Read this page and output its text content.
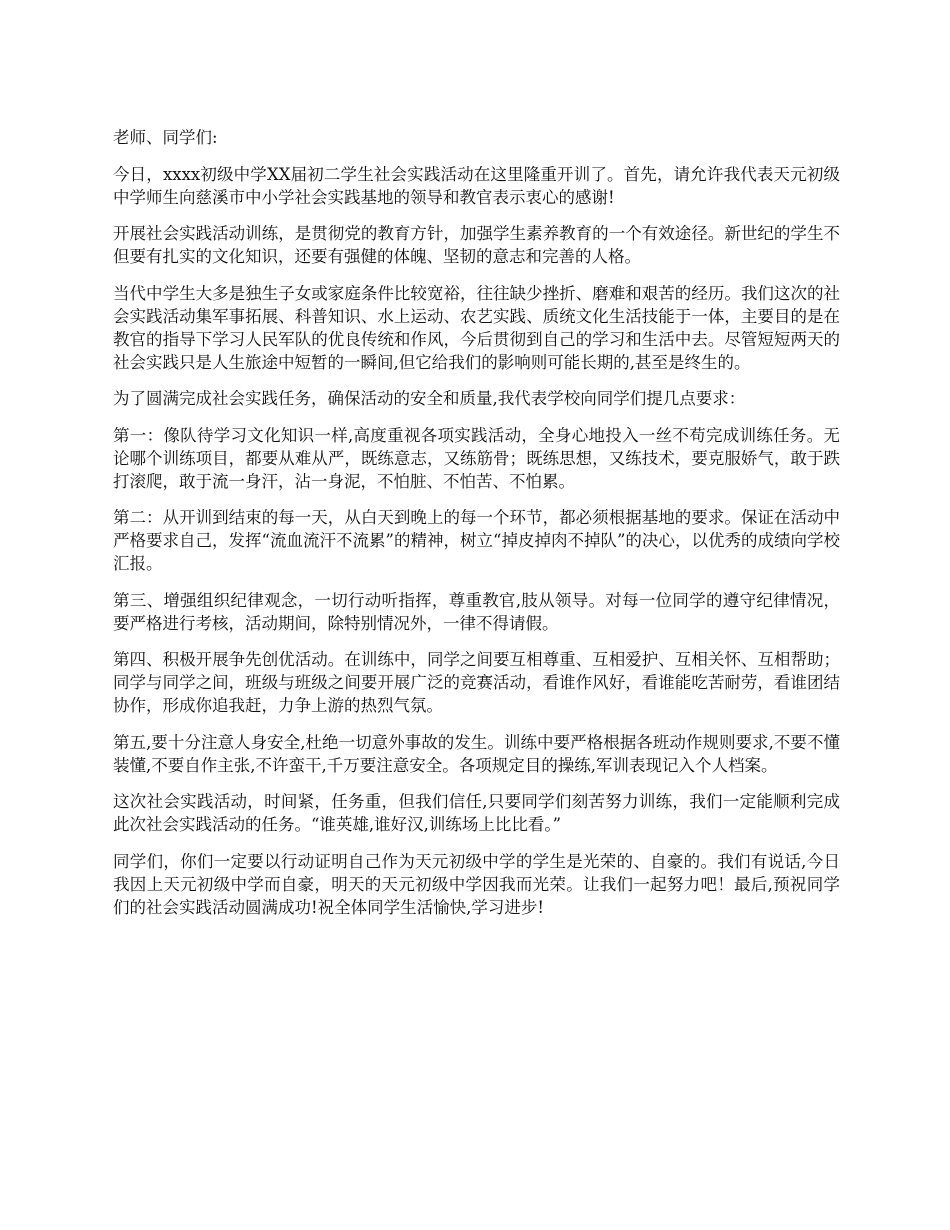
老师、同学们:

今日，xxxx初级中学XX届初二学生社会实践活动在这里隆重开训了。首先，请允许我代表天元初级中学师生向慈溪市中小学社会实践基地的领导和教官表示衷心的感谢!

开展社会实践活动训练，是贯彻党的教育方针，加强学生素养教育的一个有效途径。新世纪的学生不但要有扎实的文化知识，还要有强健的体魄、坚韧的意志和完善的人格。

当代中学生大多是独生子女或家庭条件比较宽裕，往往缺少挫折、磨难和艰苦的经历。我们这次的社会实践活动集军事拓展、科普知识、水上运动、农艺实践、质统文化生活技能于一体，主要目的是在教官的指导下学习人民军队的优良传统和作风，今后贯彻到自己的学习和生活中去。尽管短短两天的社会实践只是人生旅途中短暂的一瞬间,但它给我们的影响则可能长期的,甚至是终生的。

为了圆满完成社会实践任务，确保活动的安全和质量,我代表学校向同学们提几点要求：

第一：像队待学习文化知识一样,高度重视各项实践活动，全身心地投入一丝不苟完成训练任务。无论哪个训练项目，都要从难从严，既练意志，又练筋骨；既练思想，又练技术，要克服娇气，敢于跌打滚爬，敢于流一身汗，沾一身泥，不怕脏、不怕苦、不怕累。

第二：从开训到结束的每一天，从白天到晚上的每一个环节，都必须根据基地的要求。保证在活动中严格要求自己，发挥“流血流汗不流累”的精神，树立“掉皮掉肉不掉队”的决心，以优秀的成绩向学校汇报。

第三、增强组织纪律观念，一切行动听指挥，尊重教官,肢从领导。对每一位同学的遵守纪律情况，要严格进行考核，活动期间，除特别情况外，一律不得请假。

第四、积极开展争先创优活动。在训练中，同学之间要互相尊重、互相爱护、互相关怀、互相帮助；同学与同学之间，班级与班级之间要开展广泛的竞赛活动，看谁作风好，看谁能吃苦耐劳，看谁团结协作，形成你追我赶，力争上游的热烈气氛。

第五,要十分注意人身安全,杜绝一切意外事故的发生。训练中要严格根据各班动作规则要求,不要不懂装懂,不要自作主张,不许蛮干,千万要注意安全。各项规定目的操练,军训表现记入个人档案。

这次社会实践活动，时间紧，任务重，但我们信任,只要同学们刻苦努力训练，我们一定能顺利完成此次社会实践活动的任务。“谁英雄,谁好汉,训练场上比比看。”

同学们，你们一定要以行动证明自己作为天元初级中学的学生是光荣的、自豪的。我们有说话,今日我因上天元初级中学而自豪，明天的天元初级中学因我而光荣。让我们一起努力吧！最后,预祝同学们的社会实践活动圆满成功!祝全体同学生活愉快,学习进步!
